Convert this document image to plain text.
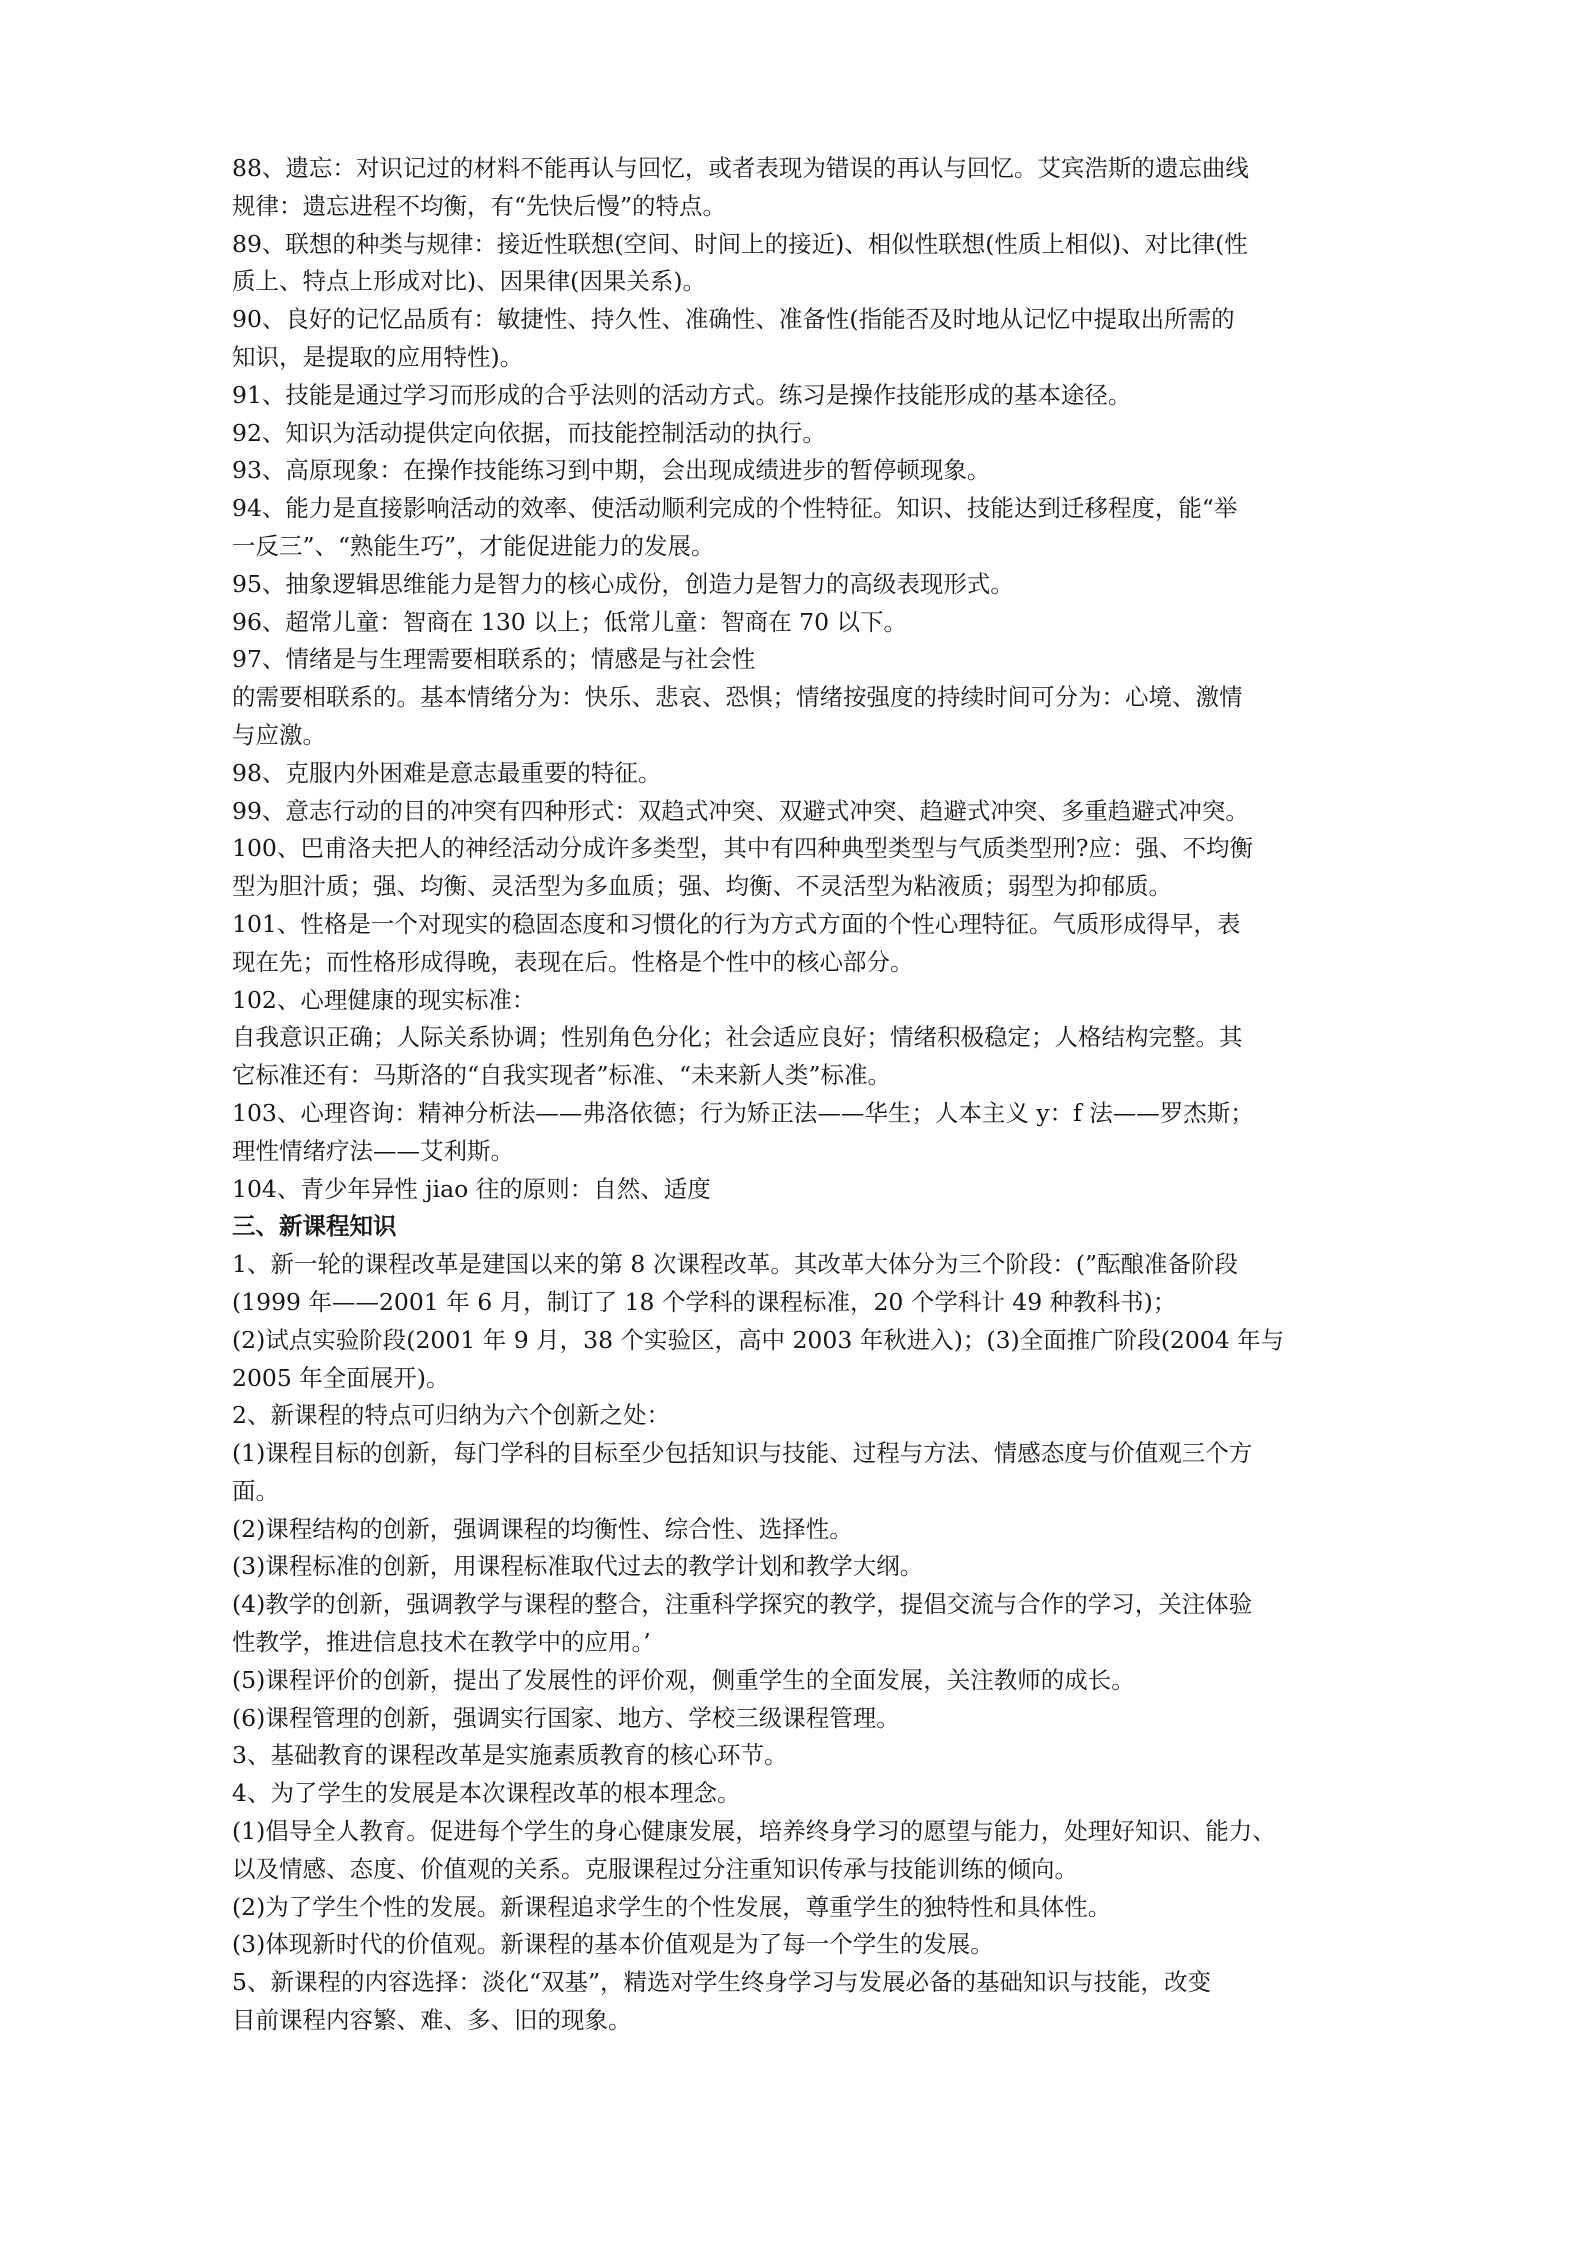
88、遗忘：对识记过的材料不能再认与回忆，或者表现为错误的再认与回忆。艾宾浩斯的遗忘曲线
规律：遗忘进程不均衡，有“先快后慢”的特点。
89、联想的种类与规律：接近性联想(空间、时间上的接近)、相似性联想(性质上相似)、对比律(性
质上、特点上形成对比)、因果律(因果关系)。
90、良好的记忆品质有：敏捷性、持久性、准确性、准备性(指能否及时地从记忆中提取出所需的
知识，是提取的应用特性)。
91、技能是通过学习而形成的合乎法则的活动方式。练习是操作技能形成的基本途径。
92、知识为活动提供定向依据，而技能控制活动的执行。
93、高原现象：在操作技能练习到中期，会出现成绩进步的暂停顿现象。
94、能力是直接影响活动的效率、使活动顺利完成的个性特征。知识、技能达到迁移程度，能“举
一反三”、“熟能生巧”，才能促进能力的发展。
95、抽象逻辑思维能力是智力的核心成份，创造力是智力的高级表现形式。
96、超常儿童：智商在 130 以上；低常儿童：智商在 70 以下。
97、情绪是与生理需要相联系的；情感是与社会性
的需要相联系的。基本情绪分为：快乐、悲哀、恐惧；情绪按强度的持续时间可分为：心境、激情
与应激。
98、克服内外困难是意志最重要的特征。
99、意志行动的目的冲突有四种形式：双趋式冲突、双避式冲突、趋避式冲突、多重趋避式冲突。
100、巴甫洛夫把人的神经活动分成许多类型，其中有四种典型类型与气质类型刑?应：强、不均衡
型为胆汁质；强、均衡、灵活型为多血质；强、均衡、不灵活型为粘液质；弱型为抑郁质。
101、性格是一个对现实的稳固态度和习惯化的行为方式方面的个性心理特征。气质形成得早，表
现在先；而性格形成得晚，表现在后。性格是个性中的核心部分。
102、心理健康的现实标准：
自我意识正确；人际关系协调；性别角色分化；社会适应良好；情绪积极稳定；人格结构完整。其
它标准还有：马斯洛的“自我实现者”标准、“未来新人类”标准。
103、心理咨询：精神分析法——弗洛依德；行为矫正法——华生；人本主义 y：f 法——罗杰斯；
理性情绪疗法——艾利斯。
104、青少年异性 jiao 往的原则：自然、适度
三、新课程知识
1、新一轮的课程改革是建国以来的第 8 次课程改革。其改革大体分为三个阶段：(”酝酿准备阶段
(1999 年——2001 年 6 月，制订了 18 个学科的课程标准，20 个学科计 49 种教科书)；
(2)试点实验阶段(2001 年 9 月，38 个实验区，高中 2003 年秋进入)；(3)全面推广阶段(2004 年与
2005 年全面展开)。
2、新课程的特点可归纳为六个创新之处：
(1)课程目标的创新，每门学科的目标至少包括知识与技能、过程与方法、情感态度与价值观三个方
面。
(2)课程结构的创新，强调课程的均衡性、综合性、选择性。
(3)课程标准的创新，用课程标准取代过去的教学计划和教学大纲。
(4)教学的创新，强调教学与课程的整合，注重科学探究的教学，提倡交流与合作的学习，关注体验
性教学，推进信息技术在教学中的应用。’
(5)课程评价的创新，提出了发展性的评价观，侧重学生的全面发展，关注教师的成长。
(6)课程管理的创新，强调实行国家、地方、学校三级课程管理。
3、基础教育的课程改革是实施素质教育的核心环节。
4、为了学生的发展是本次课程改革的根本理念。
(1)倡导全人教育。促进每个学生的身心健康发展，培养终身学习的愿望与能力，处理好知识、能力、
以及情感、态度、价值观的关系。克服课程过分注重知识传承与技能训练的倾向。
(2)为了学生个性的发展。新课程追求学生的个性发展，尊重学生的独特性和具体性。
(3)体现新时代的价值观。新课程的基本价值观是为了每一个学生的发展。
5、新课程的内容选择：淡化“双基”，精选对学生终身学习与发展必备的基础知识与技能，改变
目前课程内容繁、难、多、旧的现象。
